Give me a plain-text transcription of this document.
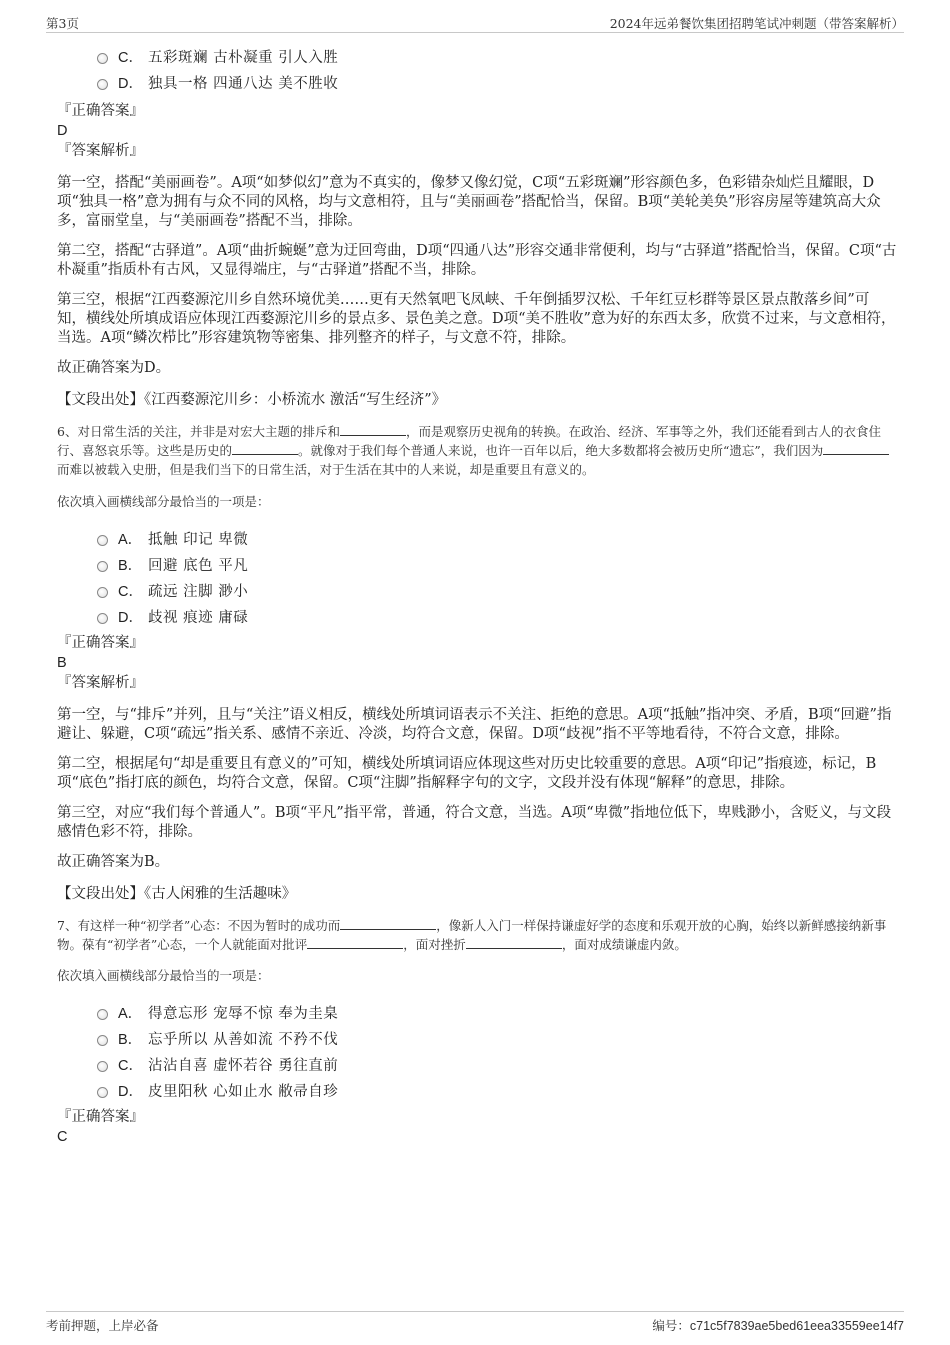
第3页	2024年远弟餐饮集团招聘笔试冲刺题（带答案解析）
C． 五彩斑斓 古朴凝重 引人入胜
D． 独具一格 四通八达 美不胜收
『正确答案』
D
『答案解析』

第一空，搭配“美丽画卷”。A项“如梦似幻”意为不真实的，像梦又像幻觉，C项“五彩斑斓”形容颜色多，色彩错杂灿烂且耀眼，D项“独具一格”意为拥有与众不同的风格，均与文意相符，且与“美丽画卷”搭配恰当，保留。B项“美轮美奂”形容房屋等建筑高大众多，富丽堂皇，与“美丽画卷”搭配不当，排除。

第二空，搭配“古驿道”。A项“曲折蜿蜒”意为迂回弯曲，D项“四通八达”形容交通非常便利，均与“古驿道”搭配恰当，保留。C项“古朴凝重”指质朴有古风，又显得端庄，与“古驿道”搭配不当，排除。

第三空，根据“江西婺源沱川乡自然环境优美……更有天然氧吧飞凤峡、千年倒插罗汉松、千年红豆杉群等景区景点散落乡间”可知，横线处所填成语应体现江西婺源沱川乡的景点多、景色美之意。D项“美不胜收”意为好的东西太多，欣赏不过来，与文意相符，当选。A项“鳞次栉比”形容建筑物等密集、排列整齐的样子，与文意不符，排除。

故正确答案为D。

【文段出处】《江西婺源沱川乡：小桥流水 激活“写生经济”》

6、对日常生活的关注，并非是对宏大主题的排斥和	，而是观察历史视角的转换。在政治、经济、军事等之外，我们还能看到古人的衣食住行、喜怒哀乐等。这些是历史的	。就像对于我们每个普通人来说，也许一百年以后，绝大多数都将会被历史所“遗忘”，我们因为而难以被载入史册，但是我们当下的日常生活，对于生活在其中的人来说，却是重要且有意义的。

依次填入画横线部分最恰当的一项是：
A． 抵触 印记 卑微
B． 回避 底色 平凡
C． 疏远 注脚 渺小
D． 歧视 痕迹 庸碌
『正确答案』
B
『答案解析』

第一空，与“排斥”并列，且与“关注”语义相反，横线处所填词语表示不关注、拒绝的意思。A项“抵触”指冲突、矛盾，B项“回避”指避让、躲避，C项“疏远”指关系、感情不亲近、冷淡，均符合文意，保留。D项“歧视”指不平等地看待，不符合文意，排除。

第二空，根据尾句“却是重要且有意义的”可知，横线处所填词语应体现这些对历史比较重要的意思。A项“印记”指痕迹，标记，B项“底色”指打底的颜色，均符合文意，保留。C项“注脚”指解释字句的文字，文段并没有体现“解释”的意思，排除。

第三空，对应“我们每个普通人”。B项“平凡”指平常，普通，符合文意，当选。A项“卑微”指地位低下，卑贱渺小，含贬义，与文段感情色彩不符，排除。

故正确答案为B。

【文段出处】《古人闲雅的生活趣味》

7、有这样一种“初学者”心态：不因为暂时的成功而	，像新人入门一样保持谦虚好学的态度和乐观开放的心胸，始终以新鲜感接纳新事物。葆有“初学者”心态，一个人就能面对批评	，面对挫折	，面对成绩谦虚内敛。

依次填入画横线部分最恰当的一项是：
A． 得意忘形 宠辱不惊 奉为圭臬
B． 忘乎所以 从善如流 不矜不伐
C． 沾沾自喜 虚怀若谷 勇往直前
D． 皮里阳秋 心如止水 敝帚自珍
『正确答案』
C
考前押题，上岸必备	编号：c71c5f7839ae5bed61eea33559ee14f7
